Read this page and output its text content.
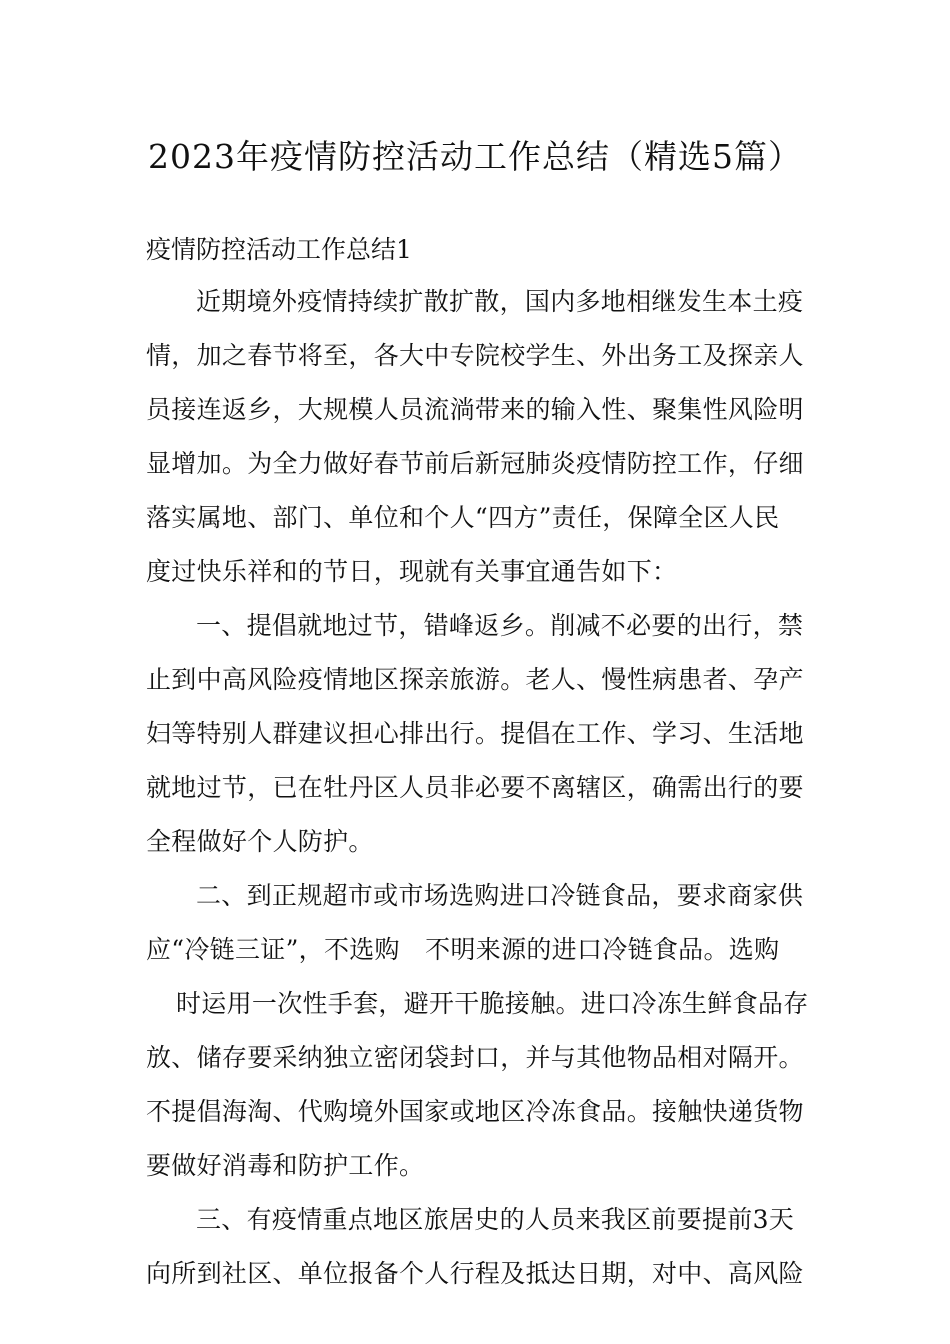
2023年疫情防控活动工作总结（精选5篇）
疫情防控活动工作总结1
近期境外疫情持续扩散扩散，国内多地相继发生本土疫
情，加之春节将至，各大中专院校学生、外出务工及探亲人
员接连返乡，大规模人员流淌带来的输入性、聚集性风险明
显增加。为全力做好春节前后新冠肺炎疫情防控工作，仔细
落实属地、部门、单位和个人“四方”责任，保障全区人民
度过快乐祥和的节日，现就有关事宜通告如下：
一、提倡就地过节，错峰返乡。削减不必要的出行，禁
止到中高风险疫情地区探亲旅游。老人、慢性病患者、孕产
妇等特别人群建议担心排出行。提倡在工作、学习、生活地
就地过节，已在牡丹区人员非必要不离辖区，确需出行的要
全程做好个人防护。
二、到正规超市或市场选购进口冷链食品，要求商家供
应“冷链三证”，不选购　不明来源的进口冷链食品。选购
时运用一次性手套，避开干脆接触。进口冷冻生鲜食品存
放、储存要采纳独立密闭袋封口，并与其他物品相对隔开。
不提倡海淘、代购境外国家或地区冷冻食品。接触快递货物
要做好消毒和防护工作。
三、有疫情重点地区旅居史的人员来我区前要提前3天
向所到社区、单位报备个人行程及抵达日期，对中、高风险
